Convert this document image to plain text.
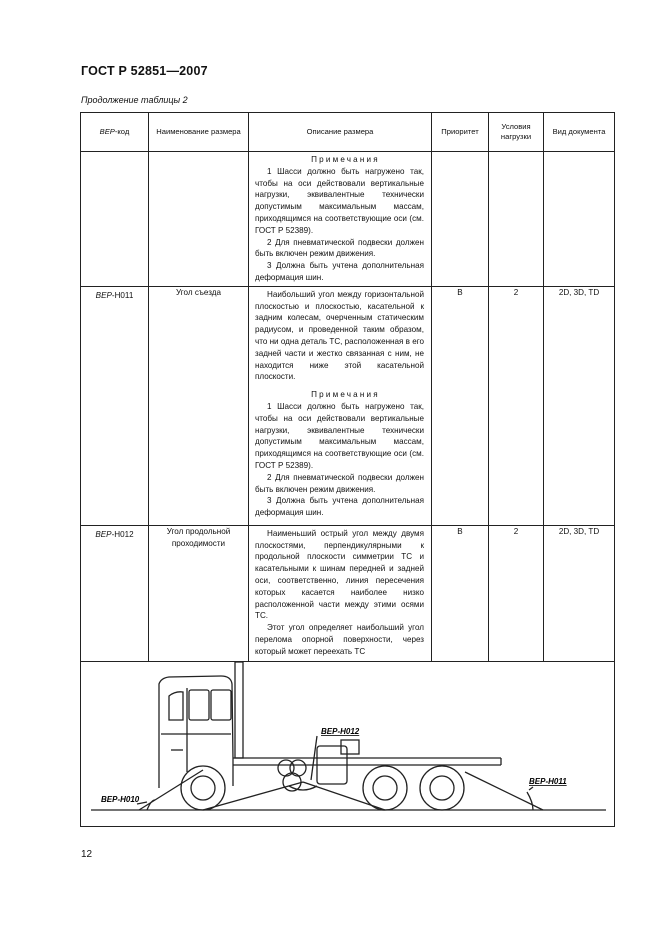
ГОСТ Р 52851—2007
Продолжение таблицы 2
ВЕР-код	Наименование размера	Описание размера	Приоритет	Условия нагрузки	Вид документа

		Примечания

1 Шасси должно быть нагружено так, чтобы на оси действовали вертикальные нагрузки, эквивалентные технически допустимым максимальным массам, приходящимся на соответствующие оси (см. ГОСТ Р 52389).

2 Для пневматической подвески должен быть включен режим движения.

3 Должна быть учтена дополнительная деформация шин.			

ВЕР-Н011	Угол съезда	Наибольший угол между горизонтальной плоскостью и плоскостью, касательной к задним колесам, очерченным статическим радиусом, и проведенной таким образом, что ни одна деталь ТС, расположенная в его задней части и жестко связанная с ним, не находится ниже этой касательной плоскости.

Примечания

1 Шасси должно быть нагружено так, чтобы на оси действовали вертикальные нагрузки, эквивалентные технически допустимым максимальным массам, приходящимся на соответствующие оси (см. ГОСТ Р 52389).

2 Для пневматической подвески должен быть включен режим движения.

3 Должна быть учтена дополнительная деформация шин.	В	2	2D, 3D, TD
ВЕР-Н012	Угол продольной проходимости	Наименьший острый угол между двумя плоскостями, перпендикулярными к продольной плоскости симметрии ТС и касательными к шинам передней и задней оси, соответственно, линия пересечения которых касается наиболее низко расположенной части между этими осями ТС.

Этот угол определяет наибольший угол перелома опорной поверхности, через который может переехать ТС	В	2	2D, 3D, TD

ВЕР-Н010
ВЕР-Н012
ВЕР-Н011					
12
